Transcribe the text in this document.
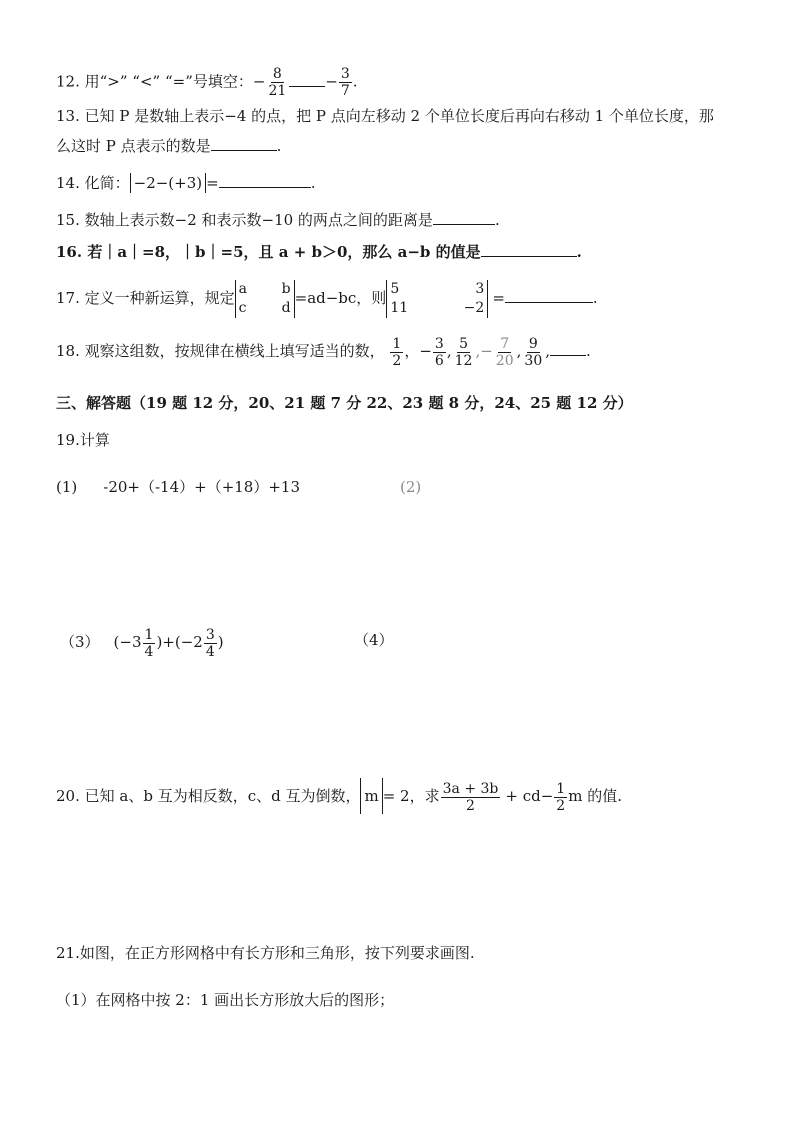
12. 用“>” “<” “=”号填空：− $\frac{8}{21} - \frac{3}{7}$ .
13. 已知 P 是数轴上表示−4 的点，把 P 点向左移动 2 个单位长度后再向右移动 1 个单位长度，那
么这时 P 点表示的数是	.
14. 化简： −2−(+3) =	.
15. 数轴上表示数−2 和表示数−10 的两点之间的距离是	.
16. 若｜a｜=8，｜b｜=5，且 a + b＞0，那么 a−b 的值是	.
17. 定义一种新运算，规定 a b
c	d
=ad−bc，则 5	3
11	−2
=	.
18. 观察这组数，按规律在横线上填写适当的数， $\frac{1}{2}$ ，− $\frac{3}{6}$ , $\frac{5}{12}$ ,− $\frac{7}{20}$ , $\frac{9}{30}$ , .
三、解答题（19 题 12 分，20、21 题 7 分 22、23 题 8 分，24、25 题 12 分）
19.计算
(1) -20+（-14）+（+18）+13	(2)
（3） $(-3 \frac{1}{4} )+(-2 \frac{3}{4}$ )	（4）
20. 已知 a、b 互为相反数，c、d 互为倒数， m = 2，求 $\frac{3a + 3b}{2} + cd- \frac{1}{2}$ m 的值.
21.如图，在正方形网格中有长方形和三角形，按下列要求画图.
（1）在网格中按 2：1 画出长方形放大后的图形；
